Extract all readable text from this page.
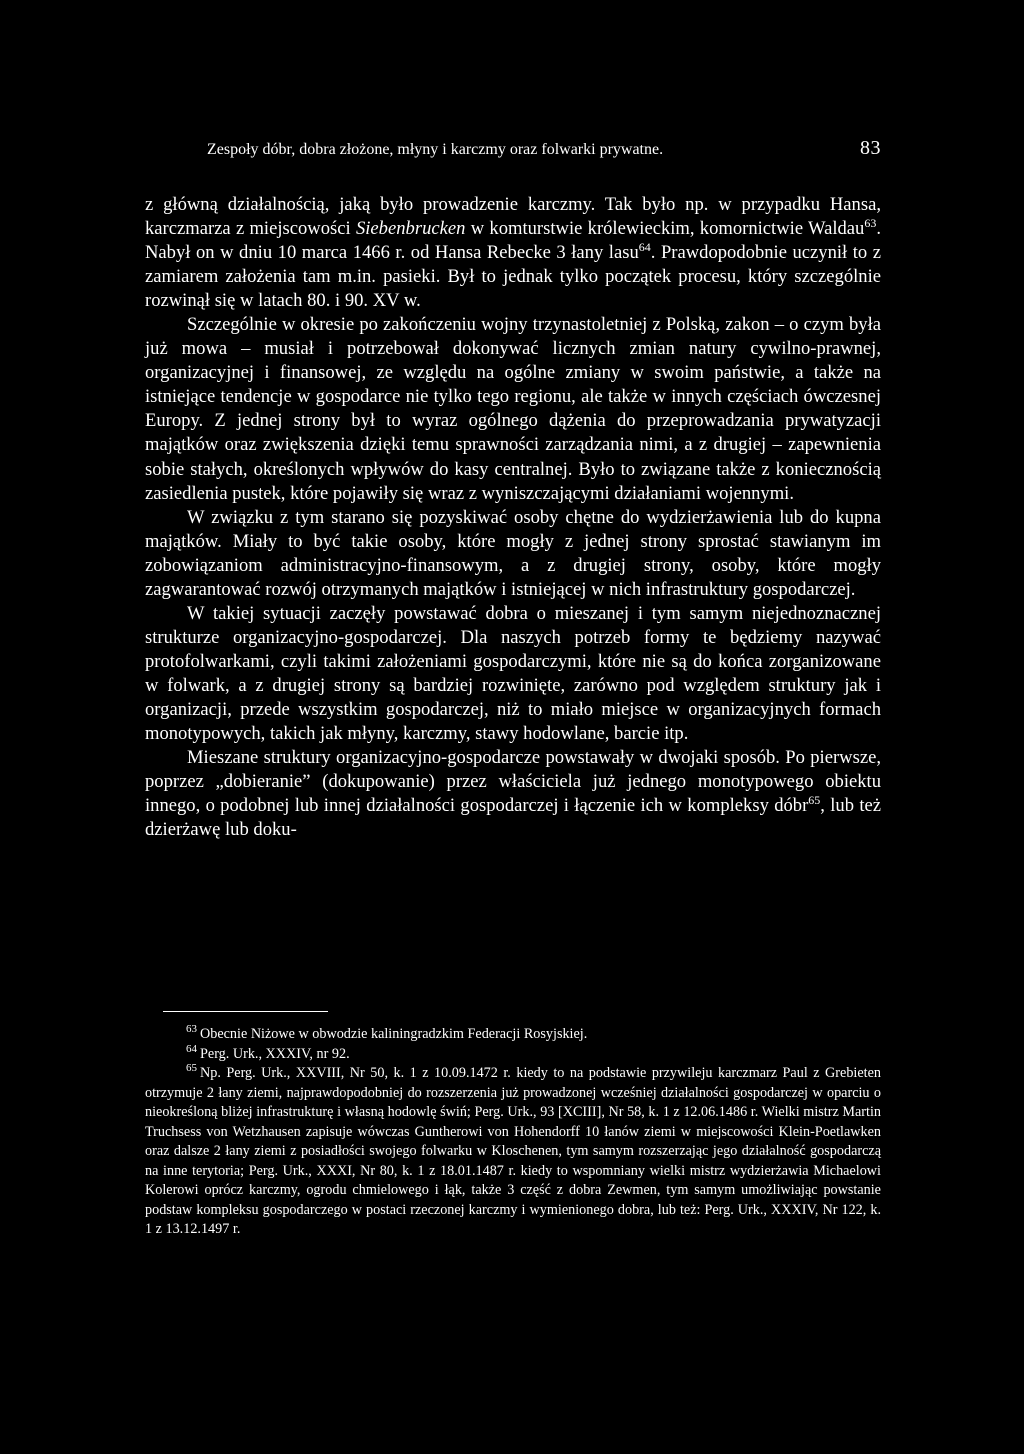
Zespoły dóbr, dobra złożone, młyny i karczmy oraz folwarki prywatne.	83

z główną działalnością, jaką było prowadzenie karczmy. Tak było np. w przypadku Hansa, karczmarza z miejscowości Siebenbrucken w komturstwie królewieckim, komornictwie Waldau$^{63}$. Nabył on w dniu 10 marca 1466 r. od Hansa Rebecke 3 łany lasu$^{64}$. Prawdopodobnie uczynił to z zamiarem założenia tam m.in. pasieki. Był to jednak tylko początek procesu, który szczególnie rozwinął się w latach 80. i 90. XV w.

Szczególnie w okresie po zakończeniu wojny trzynastoletniej z Polską, zakon – o czym była już mowa – musiał i potrzebował dokonywać licznych zmian natury cywilno-prawnej, organizacyjnej i finansowej, ze względu na ogólne zmiany w swoim państwie, a także na istniejące tendencje w gospodarce nie tylko tego regionu, ale także w innych częściach ówczesnej Europy. Z jednej strony był to wyraz ogólnego dążenia do przeprowadzania prywatyzacji majątków oraz zwiększenia dzięki temu sprawności zarządzania nimi, a z drugiej – zapewnienia sobie stałych, określonych wpływów do kasy centralnej. Było to związane także z koniecznością zasiedlenia pustek, które pojawiły się wraz z wyniszczającymi działaniami wojennymi.

W związku z tym starano się pozyskiwać osoby chętne do wydzierżawienia lub do kupna majątków. Miały to być takie osoby, które mogły z jednej strony sprostać stawianym im zobowiązaniom administracyjno-finansowym, a z drugiej strony, osoby, które mogły zagwarantować rozwój otrzymanych majątków i istniejącej w nich infrastruktury gospodarczej.

W takiej sytuacji zaczęły powstawać dobra o mieszanej i tym samym niejednoznacznej strukturze organizacyjno-gospodarczej. Dla naszych potrzeb formy te będziemy nazywać protofolwarkami, czyli takimi założeniami gospodarczymi, które nie są do końca zorganizowane w folwark, a z drugiej strony są bardziej rozwinięte, zarówno pod względem struktury jak i organizacji, przede wszystkim gospodarczej, niż to miało miejsce w organizacyjnych formach monotypowych, takich jak młyny, karczmy, stawy hodowlane, barcie itp.

Mieszane struktury organizacyjno-gospodarcze powstawały w dwojaki sposób. Po pierwsze, poprzez „dobieranie” (dokupowanie) przez właściciela już jednego monotypowego obiektu innego, o podobnej lub innej działalności gospodarczej i łączenie ich w kompleksy dóbr$^{65}$, lub też dzierżawę lub doku-

$^{63}$ Obecnie Niżowe w obwodzie kaliningradzkim Federacji Rosyjskiej.

$^{64}$ Perg. Urk., XXXIV, nr 92.

$^{65}$ Np. Perg. Urk., XXVIII, Nr 50, k. 1 z 10.09.1472 r. kiedy to na podstawie przywileju karczmarz Paul z Grebieten otrzymuje 2 łany ziemi, najprawdopodobniej do rozszerzenia już prowadzonej wcześniej działalności gospodarczej w oparciu o nieokreśloną bliżej infrastrukturę i własną hodowlę świń; Perg. Urk., 93 [XCIII], Nr 58, k. 1 z 12.06.1486 r. Wielki mistrz Martin Truchsess von Wetzhausen zapisuje wówczas Guntherowi von Hohendorff 10 łanów ziemi w miejscowości Klein-Poetlawken oraz dalsze 2 łany ziemi z posiadłości swojego folwarku w Kloschenen, tym samym rozszerzając jego działalność gospodarczą na inne terytoria; Perg. Urk., XXXI, Nr 80, k. 1 z 18.01.1487 r. kiedy to wspomniany wielki mistrz wydzierżawia Michaelowi Kolerowi oprócz karczmy, ogrodu chmielowego i łąk, także 3 część z dobra Zewmen, tym samym umożliwiając powstanie podstaw kompleksu gospodarczego w postaci rzeczonej karczmy i wymienionego dobra, lub też: Perg. Urk., XXXIV, Nr 122, k. 1 z 13.12.1497 r.
